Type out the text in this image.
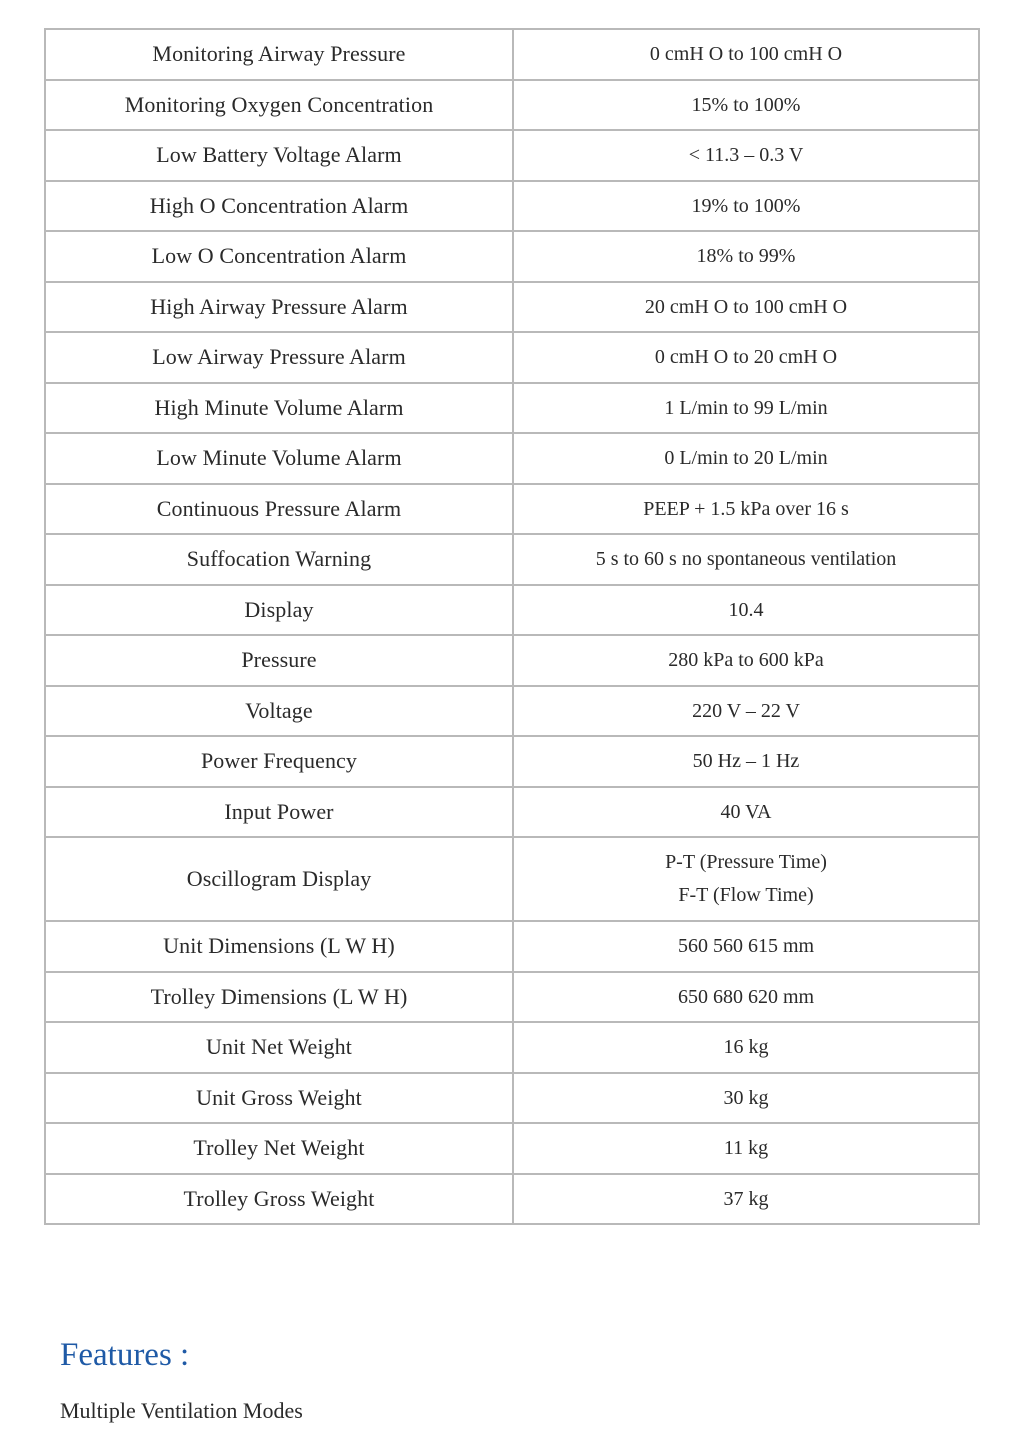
Monitoring Airway Pressure	0 cmH O to 100 cmH O
Monitoring Oxygen Concentration	15% to 100%
Low Battery Voltage Alarm	< 11.3 – 0.3 V
High O Concentration Alarm	19% to 100%
Low O Concentration Alarm	18% to 99%
High Airway Pressure Alarm	20 cmH O to 100 cmH O
Low Airway Pressure Alarm	0 cmH O to 20 cmH O
High Minute Volume Alarm	1 L/min to 99 L/min
Low Minute Volume Alarm	0 L/min to 20 L/min
Continuous Pressure Alarm	PEEP + 1.5 kPa over 16 s
Suffocation Warning	5 s to 60 s no spontaneous ventilation
Display	10.4
Pressure	280 kPa to 600 kPa
Voltage	220 V – 22 V
Power Frequency	50 Hz – 1 Hz
Input Power	40 VA
Oscillogram Display	P-T (Pressure Time)
F-T (Flow Time)

Unit Dimensions (L W H)	560 560 615 mm
Trolley Dimensions (L W H)	650 680 620 mm
Unit Net Weight	16 kg
Unit Gross Weight	30 kg
Trolley Net Weight	11 kg
Trolley Gross Weight	37 kg
Features :

Multiple Ventilation Modes
